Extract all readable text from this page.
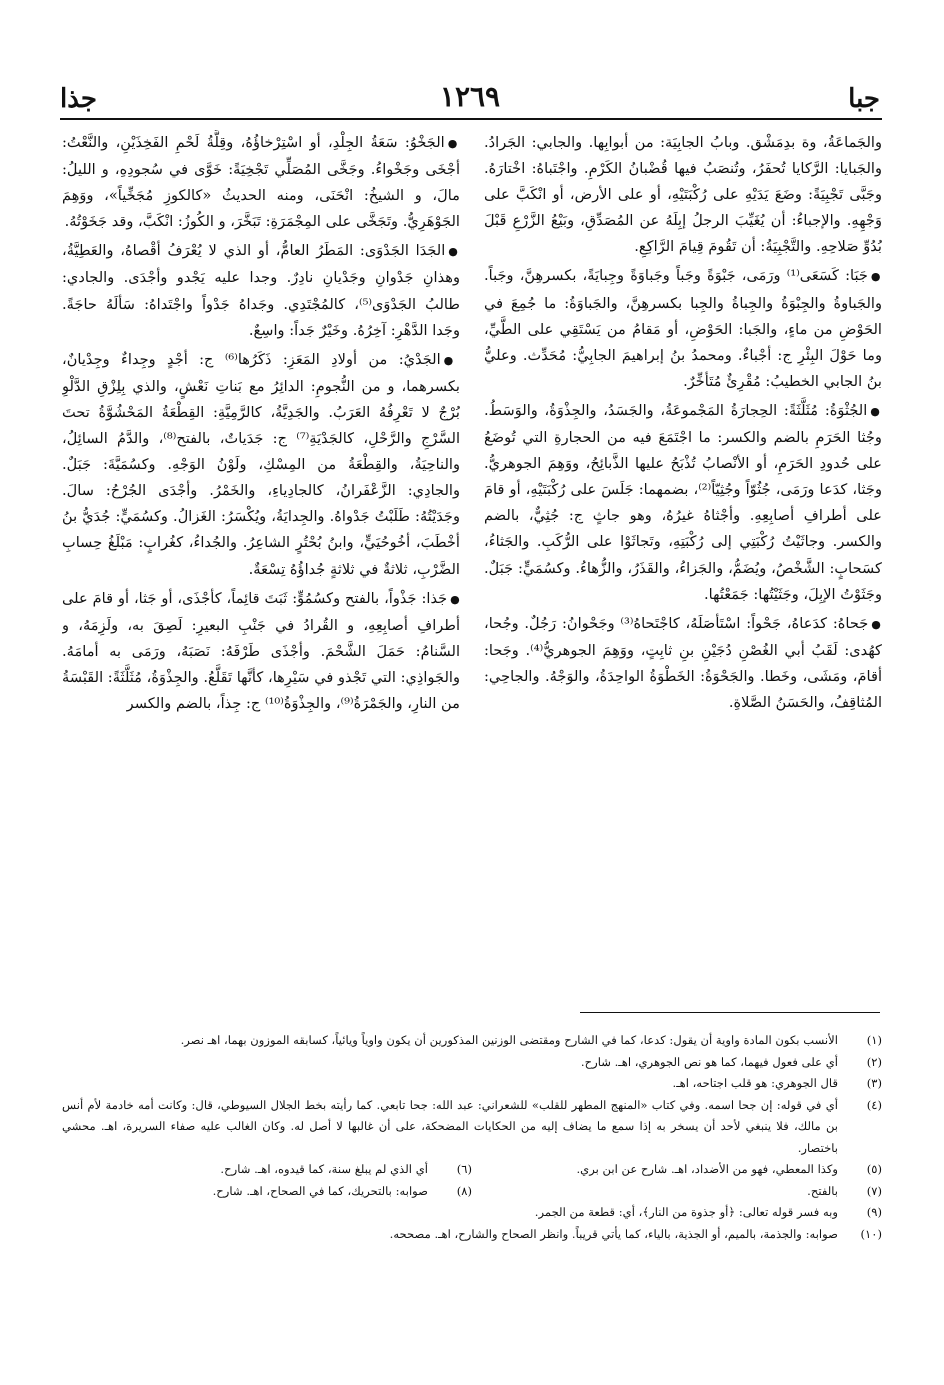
جبا
١٢٦٩
جذا

والجَماعَةُ، وة بدِمَشْق. وبابُ الجابِيَة: من أبوابِها. والجابي: الجَرادُ. والجَبايا: الرَّكايا تُحفَرُ، وتُنصَبُ فيها قُضْبانُ الكَرْمِ. واجْتَباهُ: اخْتارَهُ. وجَبَّى تَجْبِيَةً: وضَعَ يَدَيْهِ على رُكْبَتَيْهِ، أو على الأرض، أو انْكَبَّ على وَجْهِهِ. والإجباءُ: أن يُغَيِّبَ الرجلُ إبِلَهُ عن المُصَدِّقِ، وبَيْعُ الزَّرْعِ قَبْلَ بُدُوِّ صَلاحِهِ. والتَّجْبِيَةُ: أن تَقُومَ قِيامَ الرَّاكِعِ.

●جَبَا: كَسَعَى⁽¹⁾ ورَمَى، جَبْوَةً وجَباً وجَباوَةً وجِبايَةً، بكسرهِنَّ، وجَباً. والجَباوةُ والجِبْوَةُ والجِباةُ والجِبا بكسرهِنَّ، والجَباوَةُ: ما جُمِعَ في الحَوْضِ من ماءٍ، والجَبا: الحَوْضِ، أو مَقامُ من يَسْتَقِي على الطَّيِّ، وما حَوْلَ البِئْرِ ج: أجْباءٌ. ومحمدُ بنُ إبراهيمَ الجابِيُّ: مُحَدِّث. وعليُّ بنُ الجابي الخطيبُ: مُقْرِئٌ مُتَأخِّرٌ.

●الجُثْوَةُ: مُثَلَّثَةً: الحِجارَةُ المَجْموعَةُ، والجَسَدُ، والجِذْوَةُ، والوَسَطُ. وجُثا الحَرَمِ بالضم والكسر: ما اجْتَمَعَ فيه من الحجارةِ التي تُوضَعُ على حُدودِ الحَرَمِ، أو الأنْصابُ تُذْبَحُ عليها الذَّبائِحُ، ووَهِمَ الجوهريُّ. وجَثا، كدَعا ورَمَى، جُثُوّاً وجُثِيّاً⁽²⁾، بضمهما: جَلَسَ على رُكْبَتَيْهِ، أو قامَ على أطرافِ أصابِعِهِ. وأجْثاهُ غيرُهُ، وهو جاثٍ ج: جُثِيٌّ، بالضم والكسر. وجاثَيْتُ رُكْبَتِي إلى رُكْبَتِهِ، وتَجاثَوْا على الرُّكَبِ. والجَثاءُ، كسَحابٍ: الشَّخْصُ، ويُضَمُّ، والجَزاءُ، والقَذَرُ، والزُّهاءُ. وكسُمَيٍّ: جَبَلٌ. وجَثَوْتُ الإبِلَ، وجَثَيْتُها: جَمَعْتُها.

●جَحاهُ: كدَعاهُ، جَحْواً: اسْتَأصَلَهُ، كاجْتَحاهُ⁽³⁾ وجَحْوانُ: رَجُلٌ. وجُحا، كهُدى: لَقَبُ أبي الغُصْنِ دُجَيْنِ بنِ ثابِتٍ، ووَهِمَ الجوهريُّ⁽⁴⁾. وجَحا: أقامَ، ومَشَى، وخَطا. والجَحْوَةُ: الخَطْوَةُ الواحِدَةُ، والوَجْهُ. والجاحِي: المُثاقِفُ، والحَسَنُ الصَّلاةِ.

●الجَخْوُ: سَعَةُ الجِلْدِ، أو اسْتِرْخاؤُهُ، وقِلَّةُ لَحْمِ الفَخِذَيْنِ، والنَّعْتُ: أجْخَى وجَخْواءُ. وجَخَّى المُصَلِّي تَجْخِيَةً: خَوَّى في سُجودِهِ، و الليلُ: مالَ، و الشيخُ: انْحَنَى، ومنه الحديثُ «كالكوزِ مُجَخِّياً»، ووَهِمَ الجَوْهَرِيُّ. وتَجَخَّى على المِجْمَرَةِ: تَبَخَّرَ، و الكُوزُ: انْكَبَّ، وقد جَخَوْتُهُ.

●الجَدَا الجَدْوَى: المَطَرُ العامُّ، أو الذي لا يُعْرَفُ أقْصاهُ، والعَطِيَّةُ، وهذانِ جَدْوانِ وجَدْيانِ نادِرٌ. وجدا عليه يَجْدو وأجْدَى. والجادي: طالبُ الجَدْوَى⁽⁵⁾، كالمُجْتَدِي. وجَداهُ جَدْواً واجْتَداهُ: سَألَهُ حاجَةً. وجَدا الدَّهْرِ: آخِرُهُ. وخَيْرٌ جَداً: واسِعٌ.

●الجَدْيُ: من أولادِ المَعَزِ: ذَكَرُها⁽⁶⁾ ج: أجْدٍ وجِداءٌ وجِدْيانٌ، بكسرهما، و من النُّجومِ: الدائِرُ مع بَناتِ نَعْشٍ، والذي بِلِزْقِ الدَّلْوِ بُرْجٌ لا تَعْرِفُهُ العَرَبُ. والجَدِيَّةُ، كالرَّمِيَّةِ: القِطْعَةُ المَحْشُوَّةُ تحتَ السَّرْجِ والرَّحْلِ، كالجَدْيَةِ⁽⁷⁾ ج: جَدَياتٌ، بالفتح⁽⁸⁾، والدَّمُ السائِلُ، والناحِيَةُ، والقِطْعَةُ من المِسْكِ، ولَوْنُ الوَجْهِ. وكسُمَيَّةَ: جَبَلٌ. والجادِي: الزَّعْفَرانُ، كالجادِياءِ، والخَمْرُ. وأجْدَى الجُرْحُ: سالَ. وجَدَيْتُهُ: طَلَبْتُ جَدْواهُ. والجِدايَةُ، ويُكْسَرُ: الغَزالُ. وكسُمَيٍّ: جُدَيُّ بنُ أخْطَبَ، أخُوحُيَيٍّ، وابنُ بُحْتُرٍ الشاعِرُ. والجُداءُ، كغُرابٍ: مَبْلَغُ حِسابِ الضَّرْبِ، ثلاثةٌ في ثلاثةٍ جُداؤُهُ تِسْعَةٌ.

●جَذا: جَذْواً، بالفتح وكسُمُوٍّ: ثَبَتَ قائِماً، كأجْذَى، أو جَثا، أو قامَ على أطرافِ أصابِعِهِ، و القُرادُ في جَنْبِ البعيرِ: لَصِقَ به، ولَزِمَهُ، و السَّنامُ: حَمَلَ الشَّحْمَ. وأجْذَى طَرْفَهُ: نَصَبَهُ، ورَمَى به أمامَهُ. والجَواذِي: التي تَجْذو في سَيْرِها، كأنَّها تَقَلَّعُ. والجِذْوَةُ، مُثَلَّثَةً: القَبْسَةُ من النارِ، والجَمْرَةُ⁽⁹⁾، والجِذْوَةُ⁽¹⁰⁾ ج: جِذاً، بالضم والكسر

(١)
الأنسب بكون المادة واوية أن يقول: كدعا، كما في الشارح ومقتضى الوزنين المذكورين أن يكون واوياً ويائياً، كسابقه الموزون بهما، اهـ نصر.
(٢)
أي على فعول فيهما، كما هو نص الجوهري، اهـ. شارح.
(٣)
قال الجوهري: هو قلب اجتاحه، اهـ.
(٤)
أي في قوله: إن جحا اسمه. وفي كتاب «المنهج المطهر للقلب» للشعراني: عبد الله: جحا تابعي. كما رأيته بخط الجلال السيوطي، قال: وكانت أمه خادمة لأم أنس بن مالك، فلا ينبغي لأحد أن يسخر به إذا سمع ما يضاف إليه من الحكايات المضحكة، على أن غالبها لا أصل له. وكان الغالب عليه صفاء السريرة، اهـ. محشي باختصار.
(٥)
وكذا المعطي، فهو من الأضداد، اهـ. شارح عن ابن بري.
(٦)
أي الذي لم يبلغ سنة، كما قيدوه، اهـ. شارح.
(٧)
بالفتح.
(٨)
صوابه: بالتحريك، كما في الصحاح، اهـ. شارح.
(٩)
وبه فسر قوله تعالى: ﴿أو جذوة من النار﴾، أي: قطعة من الجمر.
(١٠)
صوابه: والجذمة، بالميم، أو الجذية، بالياء، كما يأتي قريباً. وانظر الصحاح والشارح، اهـ. مصححه.
